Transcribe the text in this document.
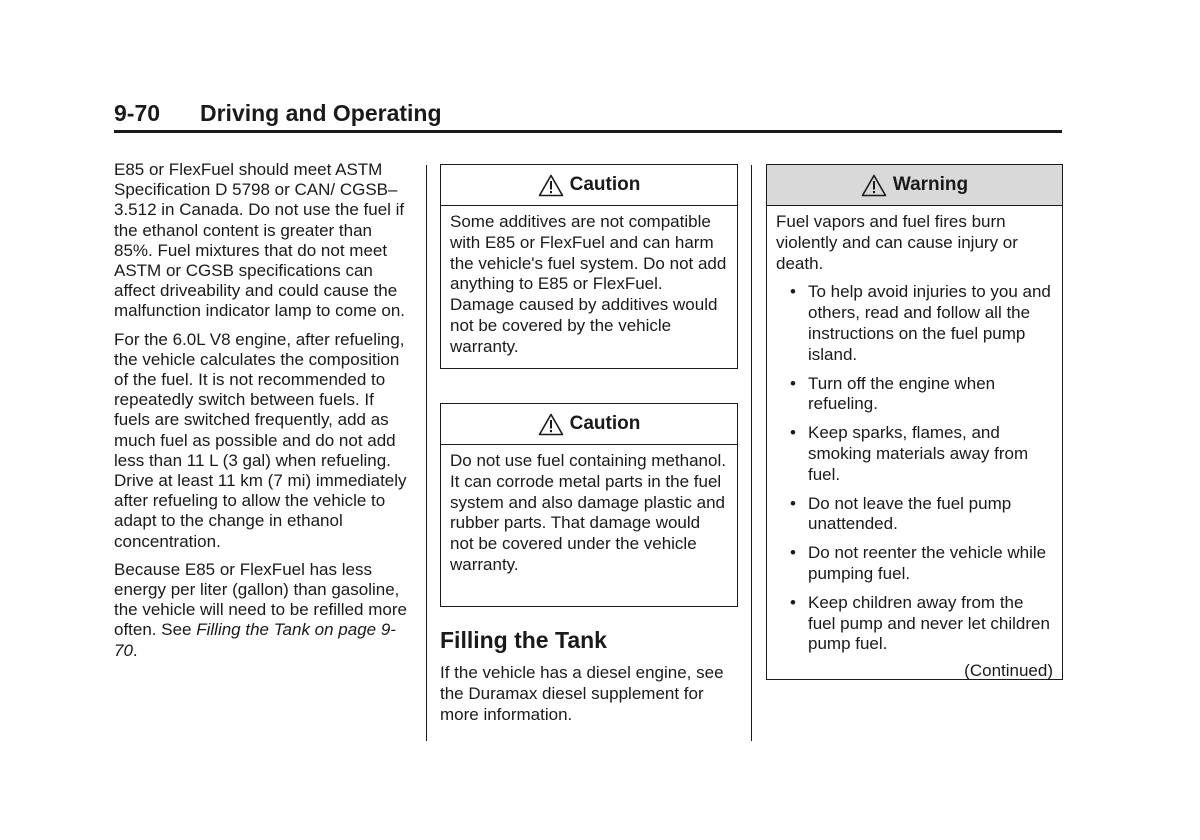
9-70 Driving and Operating

E85 or FlexFuel should meet ASTM Specification D 5798 or CAN/ CGSB–3.512 in Canada. Do not use the fuel if the ethanol content is greater than 85%. Fuel mixtures that do not meet ASTM or CGSB specifications can affect driveability and could cause the malfunction indicator lamp to come on.

For the 6.0L V8 engine, after refueling, the vehicle calculates the composition of the fuel. It is not recommended to repeatedly switch between fuels. If fuels are switched frequently, add as much fuel as possible and do not add less than 11 L (3 gal) when refueling. Drive at least 11 km (7 mi) immediately after refueling to allow the vehicle to adapt to the change in ethanol concentration.

Because E85 or FlexFuel has less energy per liter (gallon) than gasoline, the vehicle will need to be refilled more often. See Filling the Tank on page 9-70.

Caution
Some additives are not compatible with E85 or FlexFuel and can harm the vehicle's fuel system. Do not add anything to E85 or FlexFuel. Damage caused by additives would not be covered by the vehicle warranty.
Caution
Do not use fuel containing methanol. It can corrode metal parts in the fuel system and also damage plastic and rubber parts. That damage would not be covered under the vehicle warranty.
Filling the Tank
If the vehicle has a diesel engine, see the Duramax diesel supplement for more information.
Warning

Fuel vapors and fuel fires burn violently and can cause injury or death.

• To help avoid injuries to you and others, read and follow all the instructions on the fuel pump island.
• Turn off the engine when refueling.
• Keep sparks, flames, and smoking materials away from fuel.
• Do not leave the fuel pump unattended.
• Do not reenter the vehicle while pumping fuel.
• Keep children away from the fuel pump and never let children pump fuel.
(Continued)
